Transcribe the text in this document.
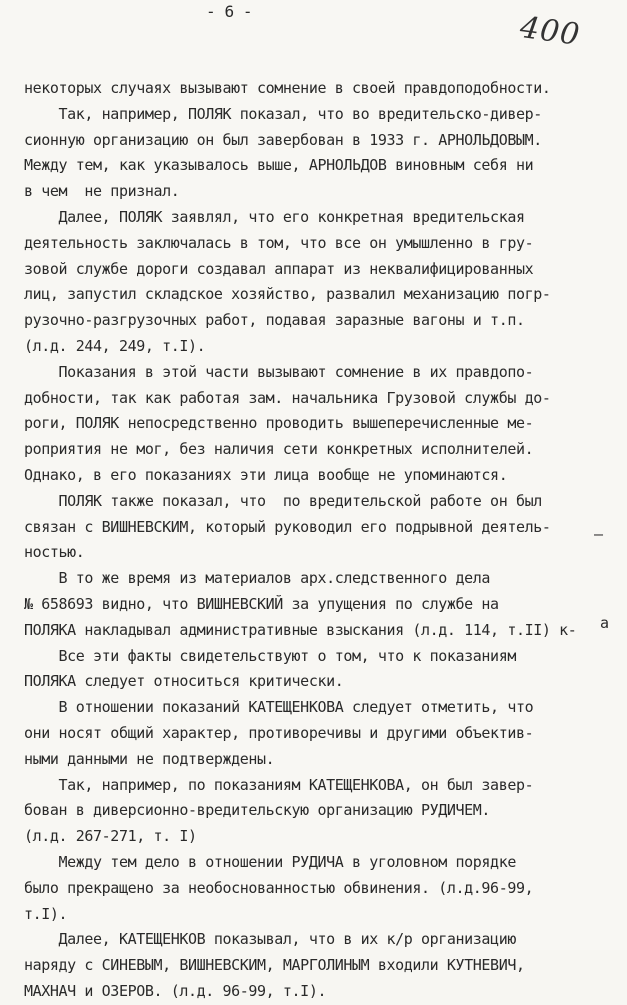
- 6 -	400
некоторых случаях вызывают сомнение в своей правдоподобности.
Так, например, ПОЛЯК показал, что во вредительско-дивер-
сионную организацию он был завербован в 1933 г. АРНОЛЬДОВЫМ.
Между тем, как указывалось выше, АРНОЛЬДОВ виновным себя ни
в чем  не признал.
Далее, ПОЛЯК заявлял, что его конкретная вредительская
деятельность заключалась в том, что все он умышленно в гру-
зовой службе дороги создавал аппарат из неквалифицированных
лиц, запустил складское хозяйство, развалил механизацию погр-
рузочно-разгрузочных работ, подавая заразные вагоны и т.п.
(л.д. 244, 249, т.I).
Показания в этой части вызывают сомнение в их правдопо-
добности, так как работая зам. начальника Грузовой службы до-
роги, ПОЛЯК непосредственно проводить вышеперечисленные ме-
роприятия не мог, без наличия сети конкретных исполнителей.
Однако, в его показаниях эти лица вообще не упоминаются.
ПОЛЯК также показал, что  по вредительской работе он был
связан с ВИШНЕВСКИМ, который руководил его подрывной деятель-
ностью.
В то же время из материалов арх.следственного дела
№ 658693 видно, что ВИШНЕВСКИЙ за упущения по службе на
ПОЛЯКА накладывал административные взыскания (л.д. 114, т.II) к-
Все эти факты свидетельствуют о том, что к показаниям
ПОЛЯКА следует относиться критически.
В отношении показаний КАТЕЩЕНКОВА следует отметить, что
они носят общий характер, противоречивы и другими объектив-
ными данными не подтверждены.
Так, например, по показаниям КАТЕЩЕНКОВА, он был завер-
бован в диверсионно-вредительскую организацию РУДИЧЕМ.
(л.д. 267-271, т. I)
Между тем дело в отношении РУДИЧА в уголовном порядке
было прекращено за необоснованностью обвинения. (л.д.96-99,
т.I).
Далее, КАТЕЩЕНКОВ показывал, что в их к/р организацию
наряду с СИНЕВЫМ, ВИШНЕВСКИМ, МАРГОЛИНЫМ входили КУТНЕВИЧ,
МАХНАЧ и ОЗЕРОВ. (л.д. 96-99, т.I).
–
а
